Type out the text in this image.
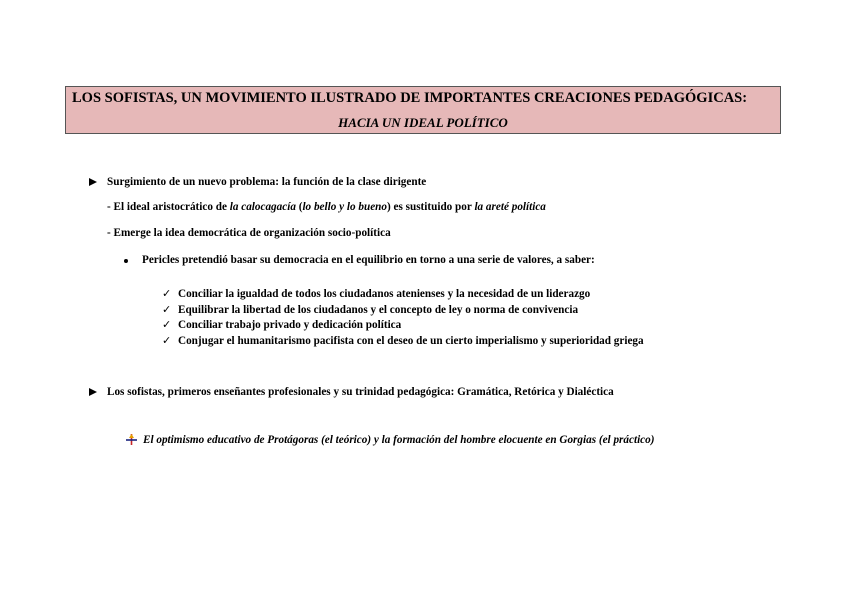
LOS SOFISTAS, UN MOVIMIENTO ILUSTRADO DE IMPORTANTES CREACIONES PEDAGÓGICAS:
HACIA UN IDEAL POLÍTICO
Surgimiento de un nuevo problema: la función de la clase dirigente
- El ideal aristocrático de la calocagacía (lo bello y lo bueno) es sustituido por la areté política
- Emerge la idea democrática de organización socio-política
Pericles pretendió basar su democracia en el equilibrio en torno a una serie de valores, a saber:
✓ Conciliar la igualdad de todos los ciudadanos atenienses y la necesidad de un liderazgo
✓ Equilibrar la libertad de los ciudadanos y el concepto de ley o norma de convivencia
✓ Conciliar trabajo privado y dedicación política
✓ Conjugar el humanitarismo pacifista con el deseo de un cierto imperialismo y superioridad griega
Los sofistas, primeros enseñantes profesionales y su trinidad pedagógica: Gramática, Retórica y Dialéctica
El optimismo educativo de Protágoras (el teórico) y la formación del hombre elocuente en Gorgias (el práctico)
